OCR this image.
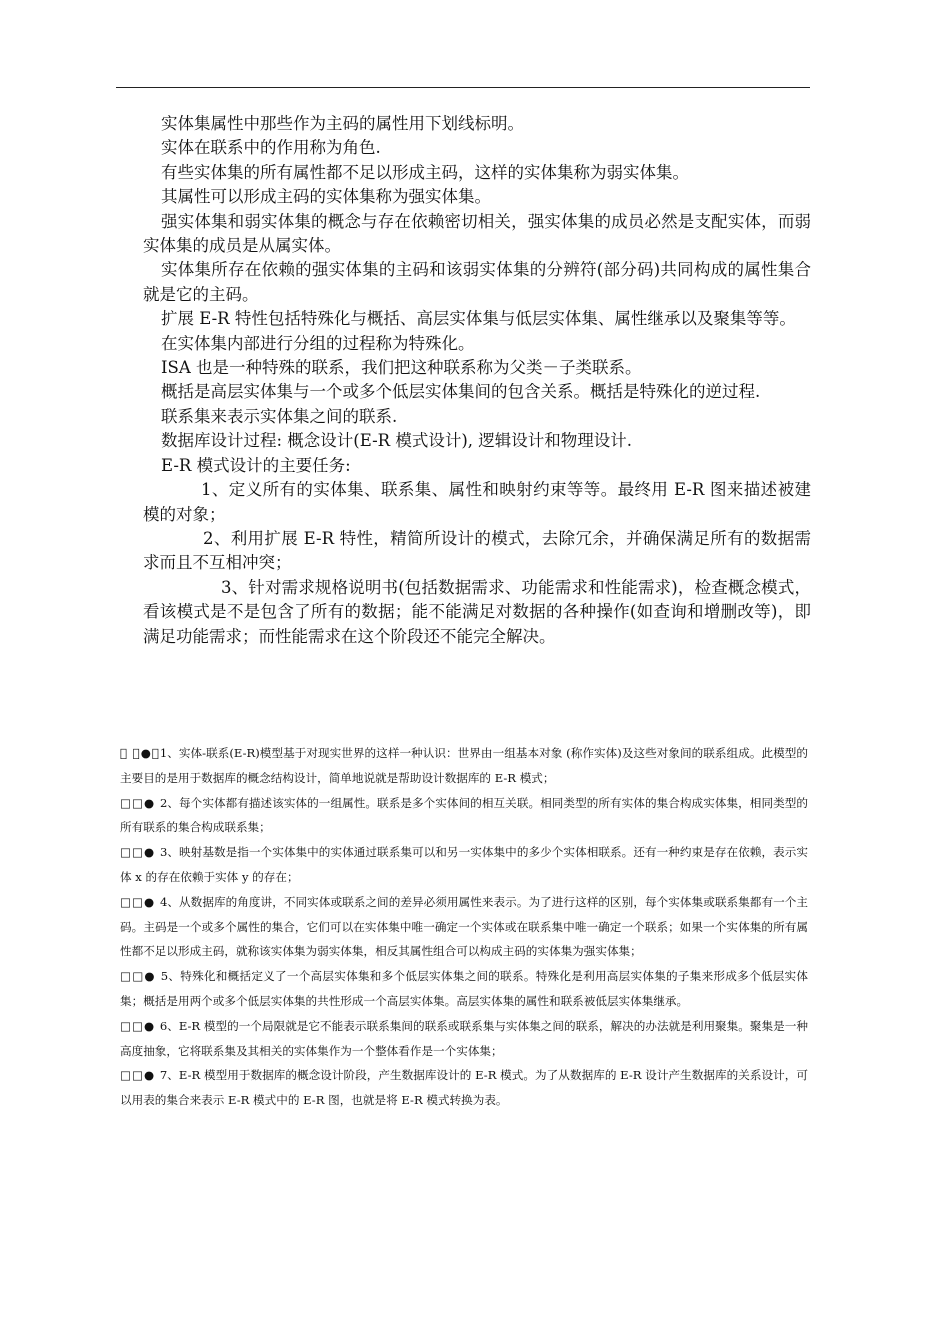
实体集属性中那些作为主码的属性用下划线标明。

实体在联系中的作用称为角色.

有些实体集的所有属性都不足以形成主码，这样的实体集称为弱实体集。

其属性可以形成主码的实体集称为强实体集。

强实体集和弱实体集的概念与存在依赖密切相关，强实体集的成员必然是支配实体，而弱实体集的成员是从属实体。

实体集所存在依赖的强实体集的主码和该弱实体集的分辨符(部分码)共同构成的属性集合就是它的主码。

扩展 E-R 特性包括特殊化与概括、高层实体集与低层实体集、属性继承以及聚集等等。

在实体集内部进行分组的过程称为特殊化。

ISA 也是一种特殊的联系，我们把这种联系称为父类－子类联系。

概括是高层实体集与一个或多个低层实体集间的包含关系。概括是特殊化的逆过程.

联系集来表示实体集之间的联系.

数据库设计过程: 概念设计(E-R 模式设计), 逻辑设计和物理设计.

E-R 模式设计的主要任务:

1、定义所有的实体集、联系集、属性和映射约束等等。最终用 E-R 图来描述被建模的对象；

2、利用扩展 E-R 特性，精简所设计的模式，去除冗余，并确保满足所有的数据需求而且不互相冲突；

3、针对需求规格说明书(包括数据需求、功能需求和性能需求)，检查概念模式，看该模式是不是包含了所有的数据；能不能满足对数据的各种操作(如查询和增删改等)，即满足功能需求；而性能需求在这个阶段还不能完全解决。

● 1、实体-联系(E-R)模型基于对现实世界的这样一种认识：世界由一组基本对象 (称作实体)及这些对象间的联系组成。此模型的主要目的是用于数据库的概念结构设计，简单地说就是帮助设计数据库的 E-R 模式；

□□● 2、每个实体都有描述该实体的一组属性。联系是多个实体间的相互关联。相同类型的所有实体的集合构成实体集，相同类型的所有联系的集合构成联系集；

□□● 3、映射基数是指一个实体集中的实体通过联系集可以和另一实体集中的多少个实体相联系。还有一种约束是存在依赖，表示实体 x 的存在依赖于实体 y 的存在；

□□● 4、从数据库的角度讲，不同实体或联系之间的差异必须用属性来表示。为了进行这样的区别，每个实体集或联系集都有一个主码。主码是一个或多个属性的集合，它们可以在实体集中唯一确定一个实体或在联系集中唯一确定一个联系；如果一个实体集的所有属性都不足以形成主码，就称该实体集为弱实体集，相反其属性组合可以构成主码的实体集为强实体集；

□□● 5、特殊化和概括定义了一个高层实体集和多个低层实体集之间的联系。特殊化是利用高层实体集的子集来形成多个低层实体集；概括是用两个或多个低层实体集的共性形成一个高层实体集。高层实体集的属性和联系被低层实体集继承。

□□● 6、E-R 模型的一个局限就是它不能表示联系集间的联系或联系集与实体集之间的联系，解决的办法就是利用聚集。聚集是一种高度抽象，它将联系集及其相关的实体集作为一个整体看作是一个实体集；

□□● 7、E-R 模型用于数据库的概念设计阶段，产生数据库设计的 E-R 模式。为了从数据库的 E-R 设计产生数据库的关系设计，可以用表的集合来表示 E-R 模式中的 E-R 图，也就是将 E-R 模式转换为表。
